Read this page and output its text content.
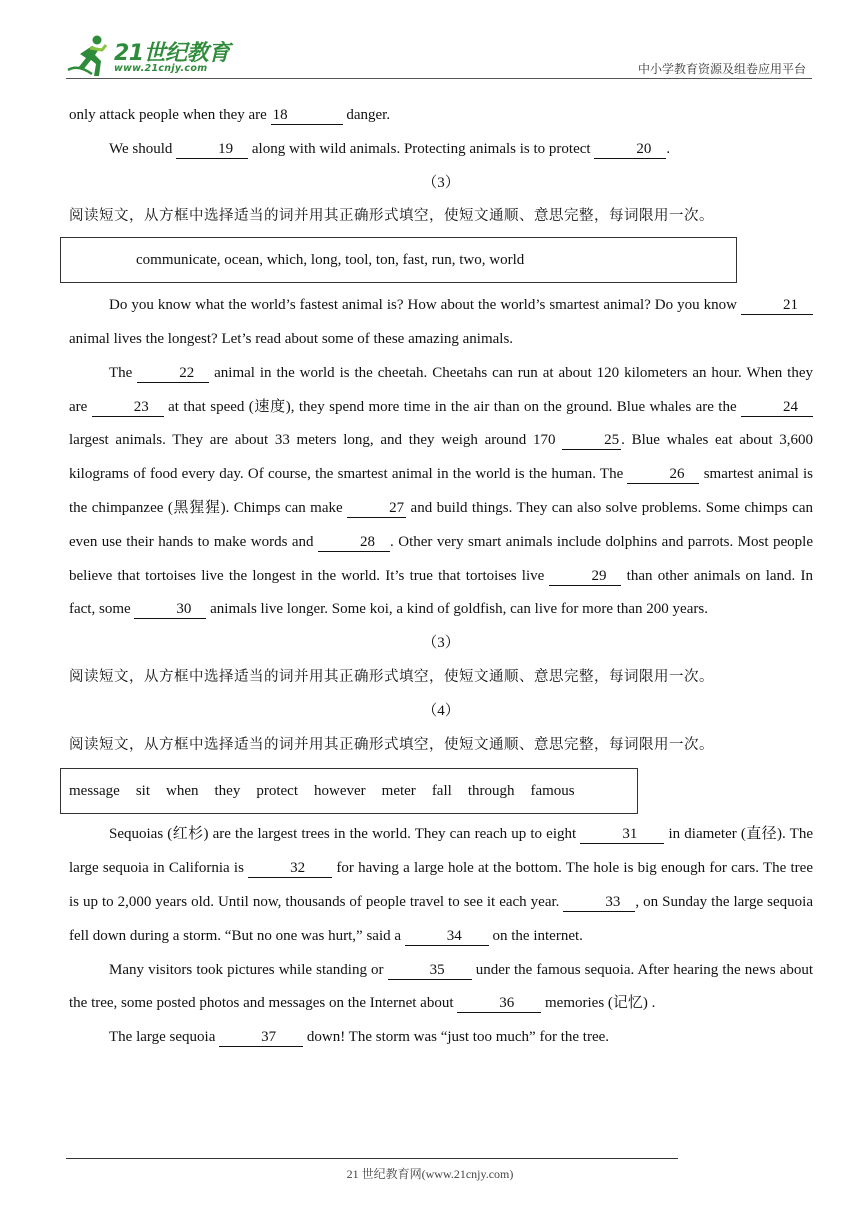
21世纪教育
www.21cnjy.com	中小学教育资源及组卷应用平台

only attack people when they are 18	danger.

We should	19 along with wild animals. Protecting animals is to protect	20 .

（3）

阅读短文，从方框中选择适当的词并用其正确形式填空，使短文通顺、意思完整，每词限用一次。

communicate, ocean, which, long, tool, ton, fast, run, two, world

Do you know what the world’s fastest animal is? How about the world’s smartest animal? Do you know	21 animal lives the longest? Let’s read about some of these amazing animals.

The	22 animal in the world is the cheetah. Cheetahs can run at about 120 kilometers an hour. When they are	23 at that speed (速度), they spend more time in the air than on the ground. Blue whales are the	24 largest animals. They are about 33 meters long, and they weigh around 170	25 . Blue whales eat about 3,600 kilograms of food every day. Of course, the smartest animal in the world is the human. The	26 smartest animal is the chimpanzee (黑猩猩). Chimps can make	27 and build things. They can also solve problems. Some chimps can even use their hands to make words and	28 . Other very smart animals include dolphins and parrots. Most people believe that tortoises live the longest in the world. It’s true that tortoises live	29 than other animals on land. In fact, some	30 animals live longer. Some koi, a kind of goldfish, can live for more than 200 years.

（3）

阅读短文，从方框中选择适当的词并用其正确形式填空，使短文通顺、意思完整，每词限用一次。

（4）

阅读短文，从方框中选择适当的词并用其正确形式填空，使短文通顺、意思完整，每词限用一次。

message sit when they protect however meter fall through famous

Sequoias (红杉) are the largest trees in the world. They can reach up to eight	31 in diameter (直径). The large sequoia in California is	32 for having a large hole at the bottom. The hole is big enough for cars. The tree is up to 2,000 years old. Until now, thousands of people travel to see it each year.	33 , on Sunday the large sequoia fell down during a storm. “But no one was hurt,” said a	34 on the internet.

Many visitors took pictures while standing or	35 under the famous sequoia. After hearing the news about the tree, some posted photos and messages on the Internet about	36 memories (记忆) .

The large sequoia	37 down! The storm was “just too much” for the tree.

21 世纪教育网(www.21cnjy.com)
